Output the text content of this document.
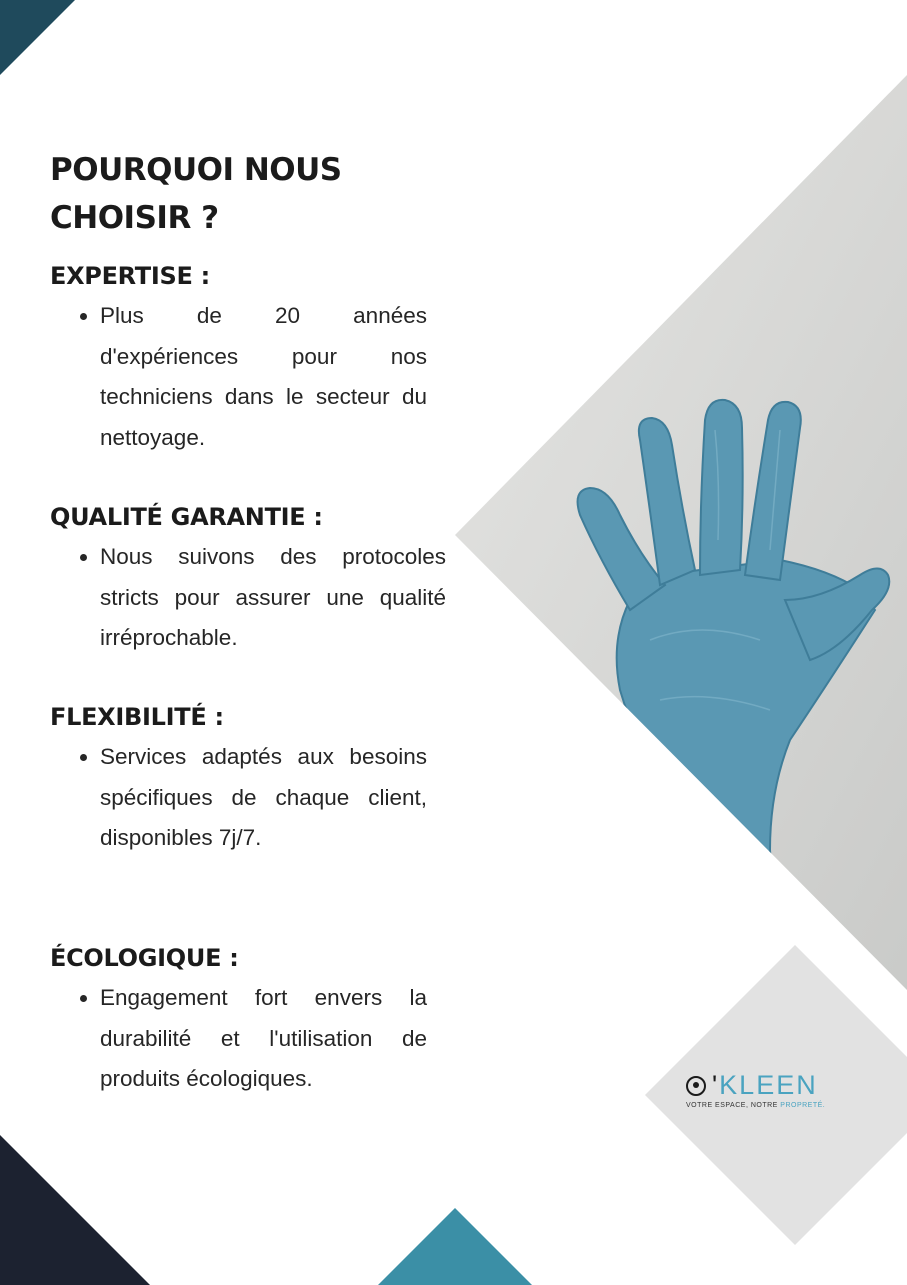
POURQUOI NOUS CHOISIR ?
EXPERTISE :
• Plus de 20 années d'expériences pour nos techniciens dans le secteur du nettoyage.
QUALITÉ GARANTIE :
• Nous suivons des protocoles stricts pour assurer une qualité irréprochable.
FLEXIBILITÉ :
• Services adaptés aux besoins spécifiques de chaque client, disponibles 7j/7.
ÉCOLOGIQUE :
• Engagement fort envers la durabilité et l'utilisation de produits écologiques.	' K LEEN
VOTRE ESPACE, NOTRE PROPRETÉ.
